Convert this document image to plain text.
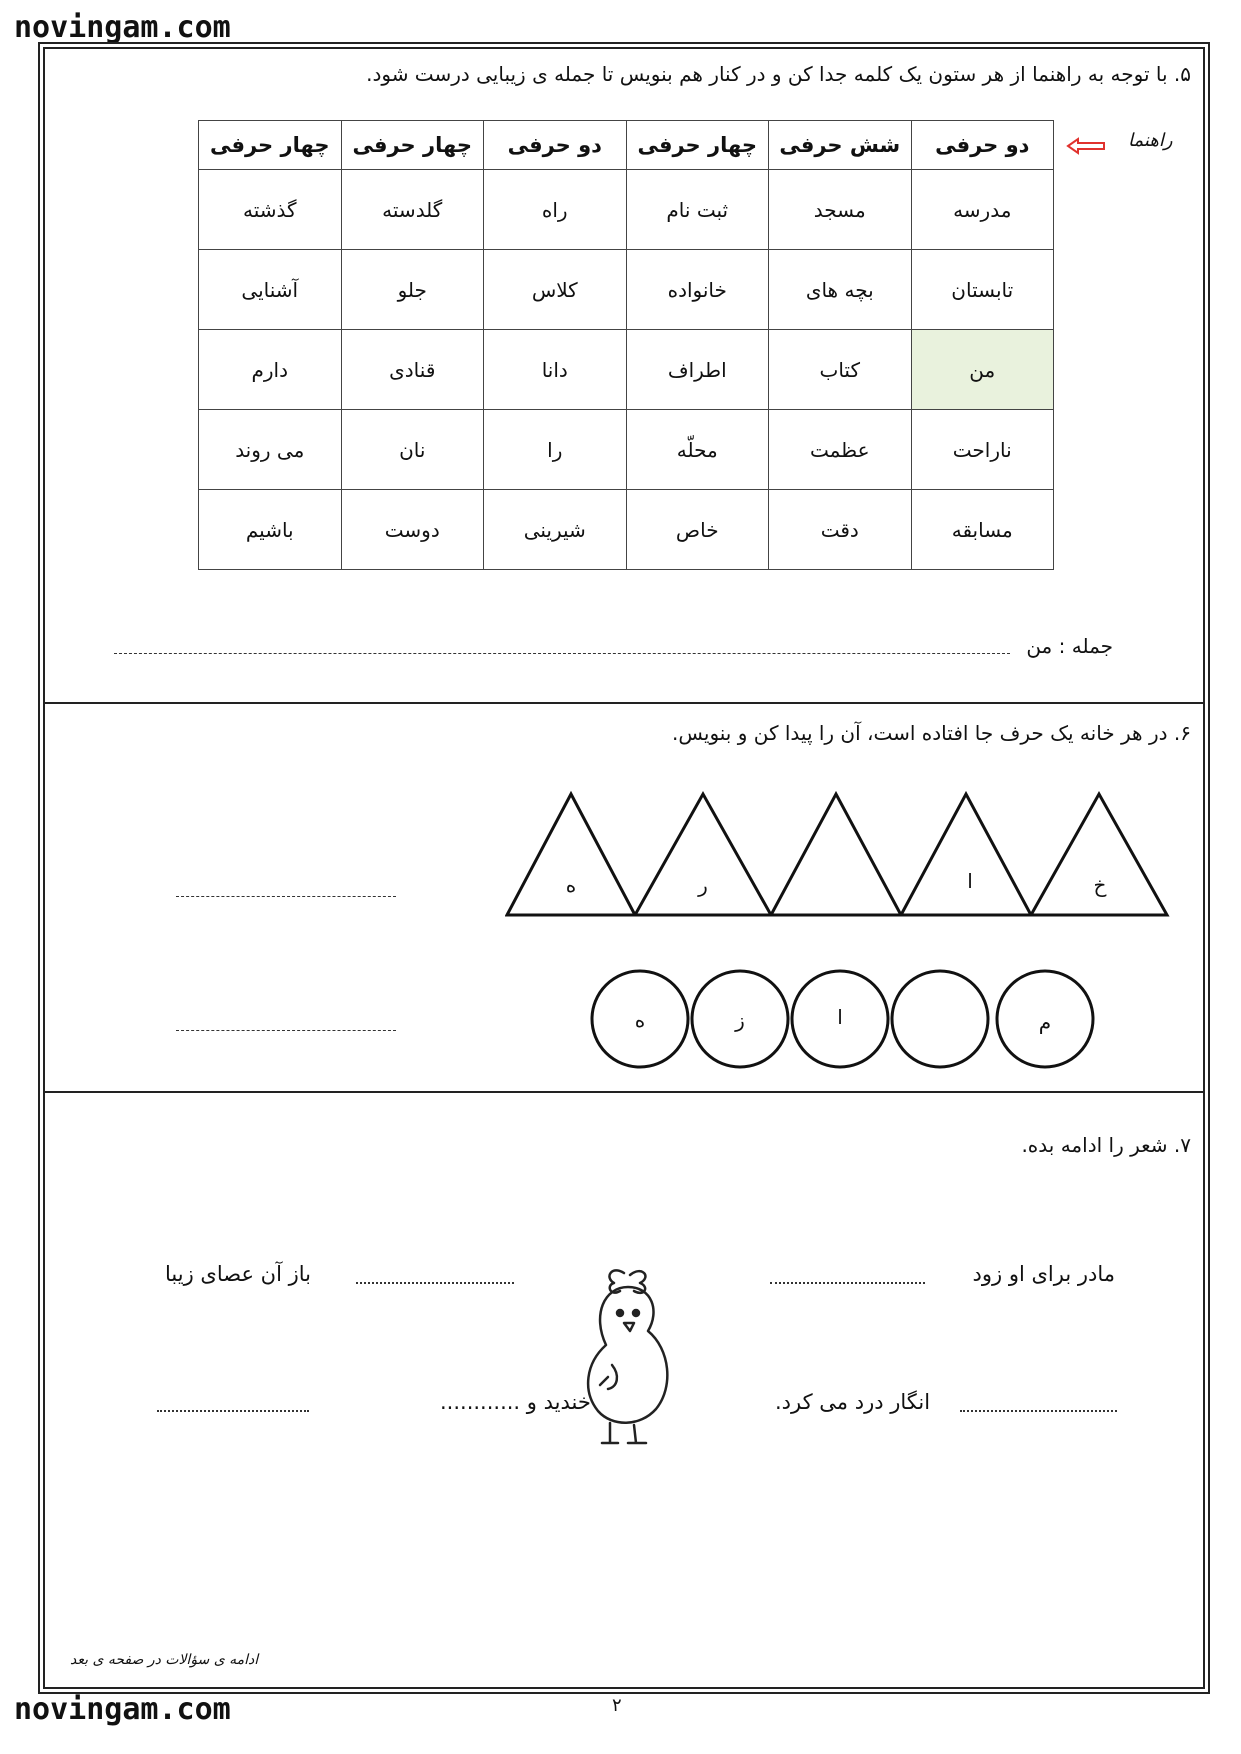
novingam.com
۵. با توجه به راهنما از هر ستون یک کلمه جدا کن و در کنار هم بنویس تا جمله ی زیبایی درست شود.
راهنما
دو حرفی	شش حرفی	چهار حرفی	دو حرفی	چهار حرفی	چهار حرفی
مدرسه	مسجد	ثبت نام	راه	گلدسته	گذشته
تابستان	بچه های	خانواده	کلاس	جلو	آشنایی
من	کتاب	اطراف	دانا	قنادی	دارم
ناراحت	عظمت	محلّه	را	نان	می روند
مسابقه	دقت	خاص	شیرینی	دوست	باشیم
جمله : من
۶. در هر خانه یک حرف جا افتاده است، آن را پیدا کن و بنویس.
خ
ا
ر
ه
م
ا
ز
ه
۷. شعر را ادامه بده.
مادر برای او زود
باز آن عصای زیبا
انگار درد می کرد.
خندید و ............
ادامه ی سؤالات در صفحه ی بعد
۲
novingam.com
